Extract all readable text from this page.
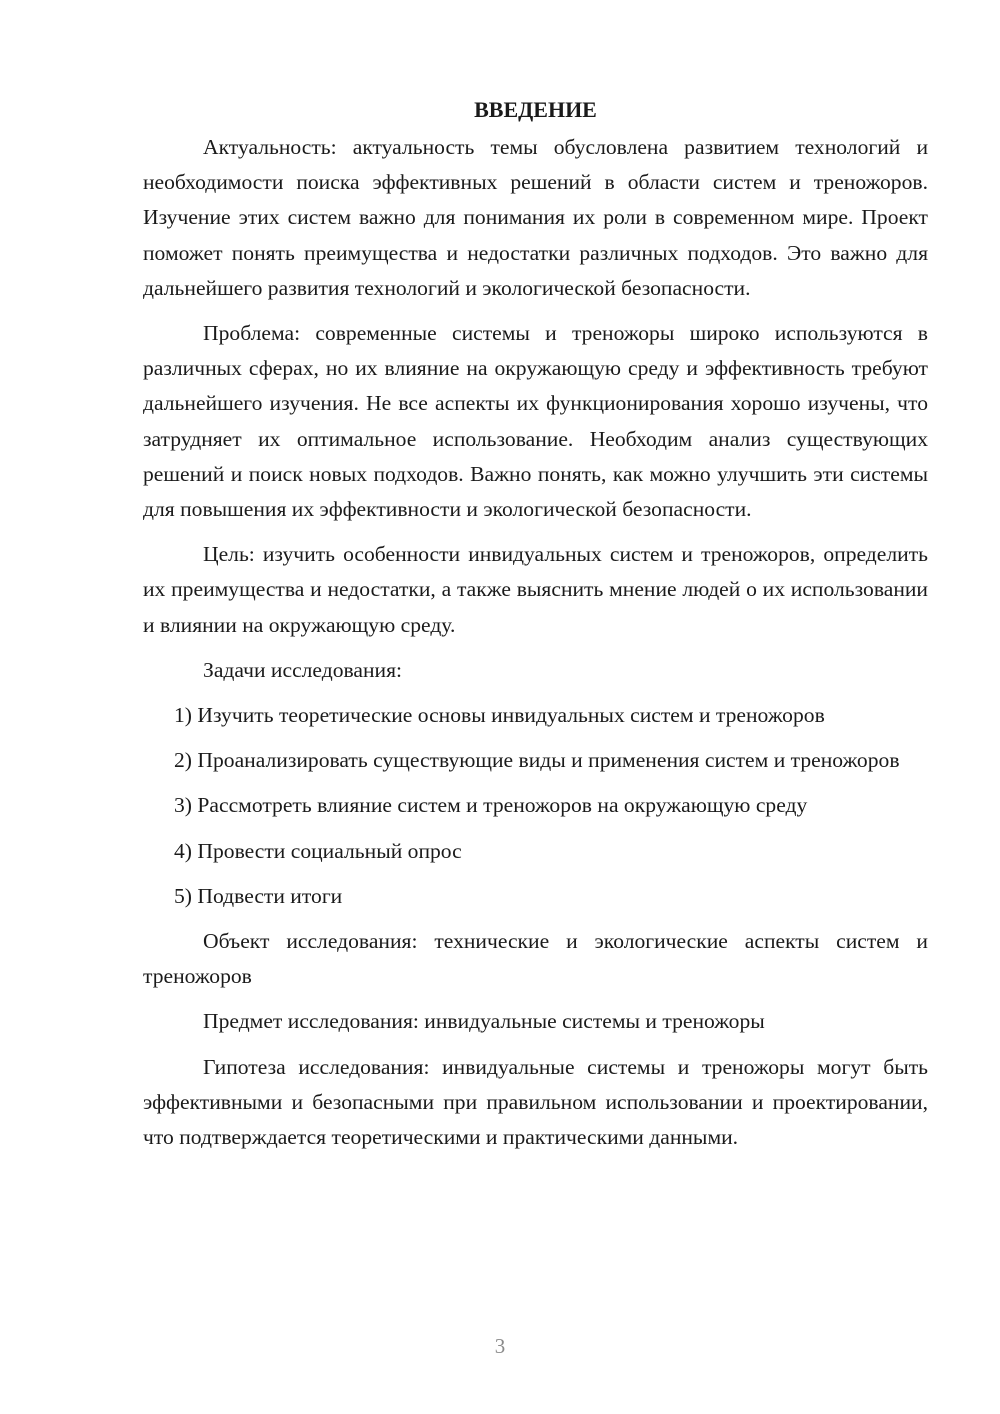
ВВЕДЕНИЕ

Актуальность: актуальность темы обусловлена развитием технологий и необходимости поиска эффективных решений в области систем и треножоров. Изучение этих систем важно для понимания их роли в современном мире. Проект поможет понять преимущества и недостатки различных подходов. Это важно для дальнейшего развития технологий и экологической безопасности.

Проблема: современные системы и треножоры широко используются в различных сферах, но их влияние на окружающую среду и эффективность требуют дальнейшего изучения. Не все аспекты их функционирования хорошо изучены, что затрудняет их оптимальное использование. Необходим анализ существующих решений и поиск новых подходов. Важно понять, как можно улучшить эти системы для повышения их эффективности и экологической безопасности.

Цель: изучить особенности инвидуальных систем и треножоров, определить их преимущества и недостатки, а также выяснить мнение людей о их использовании и влиянии на окружающую среду.

Задачи исследования:

1) Изучить теоретические основы инвидуальных систем и треножоров

2) Проанализировать существующие виды и применения систем и треножоров

3) Рассмотреть влияние систем и треножоров на окружающую среду

4) Провести социальный опрос

5) Подвести итоги

Объект исследования: технические и экологические аспекты систем и треножоров

Предмет исследования: инвидуальные системы и треножоры

Гипотеза исследования: инвидуальные системы и треножоры могут быть эффективными и безопасными при правильном использовании и проектировании, что подтверждается теоретическими и практическими данными.

3
